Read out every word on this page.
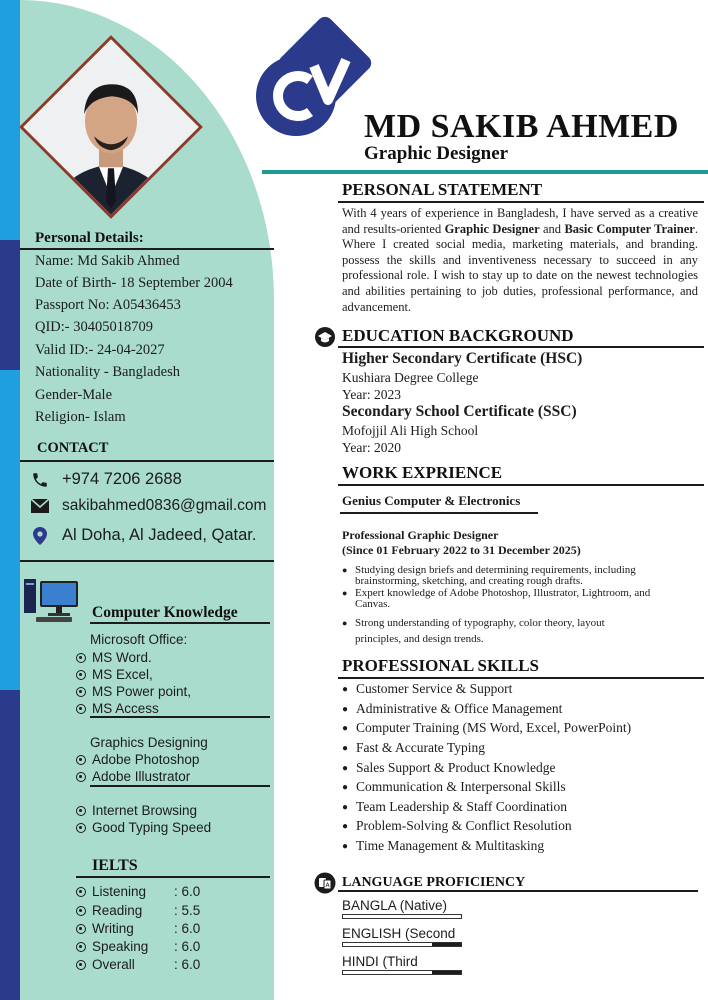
MD SAKIB AHMED
Graphic Designer
Personal Details:
Name: Md Sakib Ahmed
Date of Birth- 18 September 2004
Passport No: A05436453
QID:- 30405018709
Valid ID:- 24-04-2027
Nationality - Bangladesh
Gender-Male
Religion- Islam
CONTACT
+974 7206 2688
sakibahmed0836@gmail.com
Al Doha, Al Jadeed, Qatar.
Computer Knowledge
Microsoft Office:
MS Word.
MS Excel,
MS Power point,
MS Access
Graphics Designing
Adobe Photoshop
Adobe Illustrator
Internet Browsing
Good Typing Speed
IELTS
Listening : 6.0
Reading : 5.5
Writing	: 6.0
Speaking : 6.0
Overall	: 6.0
PERSONAL STATEMENT
With 4 years of experience in Bangladesh, I have served as a creative and results-oriented Graphic Designer and Basic Computer Trainer. Where I created social media, marketing materials, and branding. possess the skills and inventiveness necessary to succeed in any professional role. I wish to stay up to date on the newest technologies and abilities pertaining to job duties, professional performance, and advancement.
EDUCATION BACKGROUND
Higher Secondary Certificate (HSC)
Kushiara Degree College
Year: 2023
Secondary School Certificate (SSC)
Mofojjil Ali High School
Year: 2020
WORK EXPRIENCE
Genius Computer & Electronics
Professional Graphic Designer
(Since 01 February 2022 to 31 December 2025)
● Studying design briefs and determining requirements, including brainstorming, sketching, and creating rough drafts.
● Expert knowledge of Adobe Photoshop, Illustrator, Lightroom, and Canvas.
● Strong understanding of typography, color theory, layout principles, and design trends.
PROFESSIONAL SKILLS
● Customer Service & Support
● Administrative & Office Management
● Computer Training (MS Word, Excel, PowerPoint)
● Fast & Accurate Typing
● Sales Support & Product Knowledge
● Communication & Interpersonal Skills
● Team Leadership & Staff Coordination
● Problem-Solving & Conflict Resolution
● Time Management & Multitasking
A LANGUAGE PROFICIENCY
BANGLA (Native)
ENGLISH (Second
HINDI (Third
